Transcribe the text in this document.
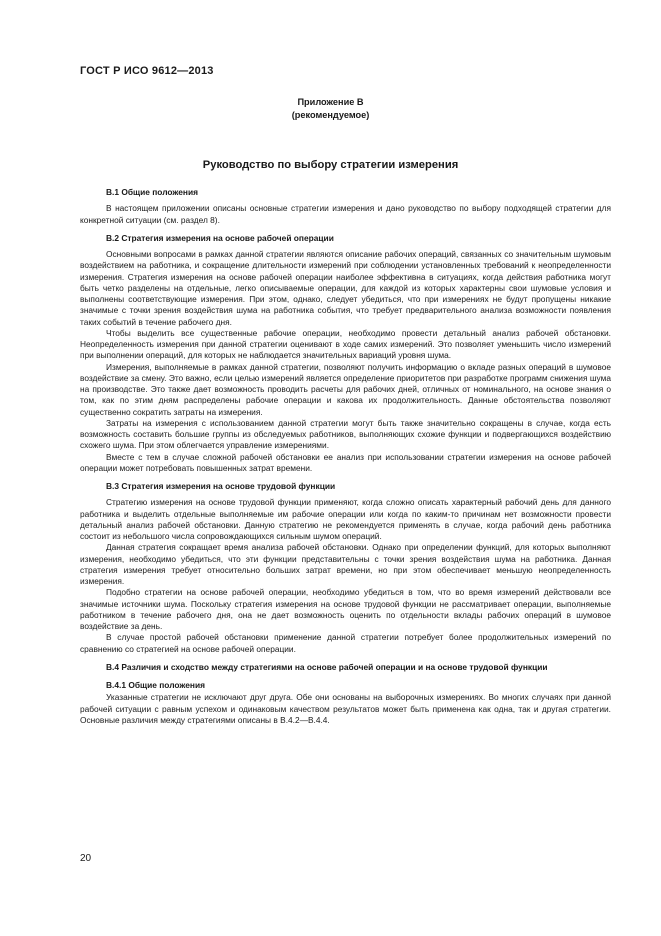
ГОСТ Р ИСО 9612—2013
Приложение В
(рекомендуемое)
Руководство по выбору стратегии измерения
В.1 Общие положения

В настоящем приложении описаны основные стратегии измерения и дано руководство по выбору подходящей стратегии для конкретной ситуации (см. раздел 8).

В.2 Стратегия измерения на основе рабочей операции

Основными вопросами в рамках данной стратегии являются описание рабочих операций, связанных со значительным шумовым воздействием на работника, и сокращение длительности измерений при соблюдении установленных требований к неопределенности измерения. Стратегия измерения на основе рабочей операции наиболее эффективна в ситуациях, когда действия работника могут быть четко разделены на отдельные, легко описываемые операции, для каждой из которых характерны свои шумовые условия и выполнены соответствующие измерения. При этом, однако, следует убедиться, что при измерениях не будут пропущены никакие значимые с точки зрения воздействия шума на работника события, что требует предварительного анализа возможности появления таких событий в течение рабочего дня.

Чтобы выделить все существенные рабочие операции, необходимо провести детальный анализ рабочей обстановки. Неопределенность измерения при данной стратегии оценивают в ходе самих измерений. Это позволяет уменьшить число измерений при выполнении операций, для которых не наблюдается значительных вариаций уровня шума.

Измерения, выполняемые в рамках данной стратегии, позволяют получить информацию о вкладе разных операций в шумовое воздействие за смену. Это важно, если целью измерений является определение приоритетов при разработке программ снижения шума на производстве. Это также дает возможность проводить расчеты для рабочих дней, отличных от номинального, на основе знания о том, как по этим дням распределены рабочие операции и какова их продолжительность. Данные обстоятельства позволяют существенно сократить затраты на измерения.

Затраты на измерения с использованием данной стратегии могут быть также значительно сокращены в случае, когда есть возможность составить большие группы из обследуемых работников, выполняющих схожие функции и подвергающихся воздействию схожего шума. При этом облегчается управление измерениями.

Вместе с тем в случае сложной рабочей обстановки ее анализ при использовании стратегии измерения на основе рабочей операции может потребовать повышенных затрат времени.

В.3 Стратегия измерения на основе трудовой функции

Стратегию измерения на основе трудовой функции применяют, когда сложно описать характерный рабочий день для данного работника и выделить отдельные выполняемые им рабочие операции или когда по каким-то причинам нет возможности провести детальный анализ рабочей обстановки. Данную стратегию не рекомендуется применять в случае, когда рабочий день работника состоит из небольшого числа сопровождающихся сильным шумом операций.

Данная стратегия сокращает время анализа рабочей обстановки. Однако при определении функций, для которых выполняют измерения, необходимо убедиться, что эти функции представительны с точки зрения воздействия шума на работника. Данная стратегия измерения требует относительно больших затрат времени, но при этом обеспечивает меньшую неопределенность измерения.

Подобно стратегии на основе рабочей операции, необходимо убедиться в том, что во время измерений действовали все значимые источники шума. Поскольку стратегия измерения на основе трудовой функции не рассматривает операции, выполняемые работником в течение рабочего дня, она не дает возможность оценить по отдельности вклады рабочих операций в шумовое воздействие за день.

В случае простой рабочей обстановки применение данной стратегии потребует более продолжительных измерений по сравнению со стратегией на основе рабочей операции.

В.4 Различия и сходство между стратегиями на основе рабочей операции и на основе трудовой функции
В.4.1 Общие положения

Указанные стратегии не исключают друг друга. Обе они основаны на выборочных измерениях. Во многих случаях при данной рабочей ситуации с равным успехом и одинаковым качеством результатов может быть применена как одна, так и другая стратегии. Основные различия между стратегиями описаны в В.4.2—В.4.4.

20
